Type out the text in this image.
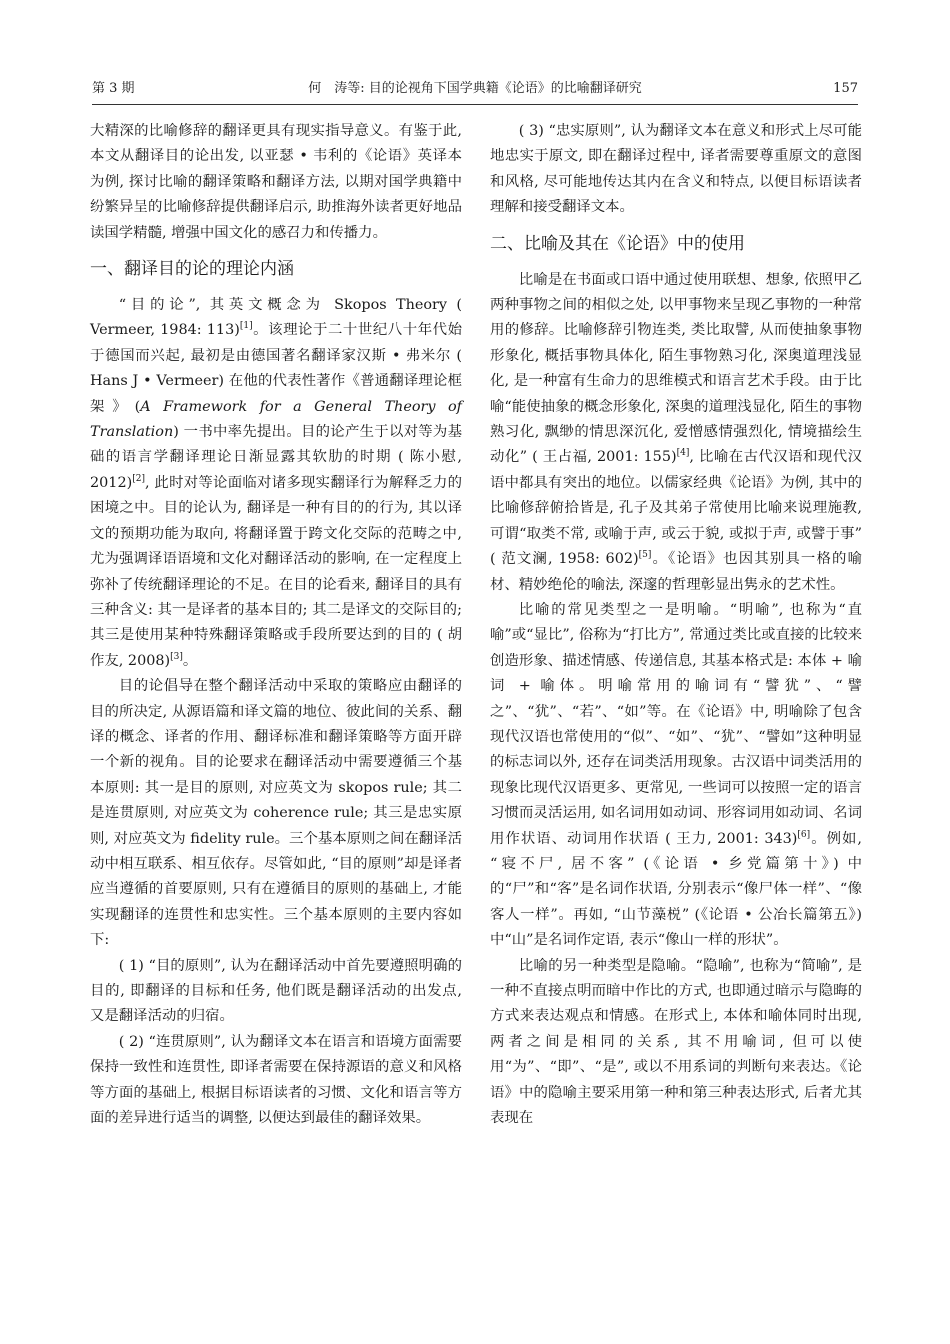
第 3 期	何　涛等: 目的论视角下国学典籍《论语》的比喻翻译研究	157

大精深的比喻修辞的翻译更具有现实指导意义。有鉴于此, 本文从翻译目的论出发, 以亚瑟 • 韦利的《论语》英译本为例, 探讨比喻的翻译策略和翻译方法, 以期对国学典籍中纷繁异呈的比喻修辞提供翻译启示, 助推海外读者更好地品读国学精髓, 增强中国文化的感召力和传播力。

一、翻译目的论的理论内涵

“目的论”, 其英文概念为 Skopos Theory ( Vermeer, 1984: 113)[1]。该理论于二十世纪八十年代始于德国而兴起, 最初是由德国著名翻译家汉斯 • 弗米尔 ( Hans J • Vermeer) 在他的代表性著作《普通翻译理论框架》(A Framework for a General Theory of Translation) 一书中率先提出。目的论产生于以对等为基础的语言学翻译理论日渐显露其软肋的时期 ( 陈小慰, 2012)[2], 此时对等论面临对诸多现实翻译行为解释乏力的困境之中。目的论认为, 翻译是一种有目的的行为, 其以译文的预期功能为取向, 将翻译置于跨文化交际的范畴之中, 尤为强调译语语境和文化对翻译活动的影响, 在一定程度上弥补了传统翻译理论的不足。在目的论看来, 翻译目的具有三种含义: 其一是译者的基本目的; 其二是译文的交际目的; 其三是使用某种特殊翻译策略或手段所要达到的目的 ( 胡作友, 2008)[3]。

目的论倡导在整个翻译活动中采取的策略应由翻译的目的所决定, 从源语篇和译文篇的地位、彼此间的关系、翻译的概念、译者的作用、翻译标准和翻译策略等方面开辟一个新的视角。目的论要求在翻译活动中需要遵循三个基本原则: 其一是目的原则, 对应英文为 skopos rule; 其二是连贯原则, 对应英文为 coherence rule; 其三是忠实原则, 对应英文为 fidelity rule。三个基本原则之间在翻译活动中相互联系、相互依存。尽管如此, “目的原则”却是译者应当遵循的首要原则, 只有在遵循目的原则的基础上, 才能实现翻译的连贯性和忠实性。三个基本原则的主要内容如下:

( 1) “目的原则”, 认为在翻译活动中首先要遵照明确的目的, 即翻译的目标和任务, 他们既是翻译活动的出发点, 又是翻译活动的归宿。

( 2) “连贯原则”, 认为翻译文本在语言和语境方面需要保持一致性和连贯性, 即译者需要在保持源语的意义和风格等方面的基础上, 根据目标语读者的习惯、文化和语言等方面的差异进行适当的调整, 以便达到最佳的翻译效果。

( 3) “忠实原则”, 认为翻译文本在意义和形式上尽可能地忠实于原文, 即在翻译过程中, 译者需要尊重原文的意图和风格, 尽可能地传达其内在含义和特点, 以便目标语读者理解和接受翻译文本。

二、比喻及其在《论语》中的使用

比喻是在书面或口语中通过使用联想、想象, 依照甲乙两种事物之间的相似之处, 以甲事物来呈现乙事物的一种常用的修辞。比喻修辞引物连类, 类比取譬, 从而使抽象事物形象化, 概括事物具体化, 陌生事物熟习化, 深奥道理浅显化, 是一种富有生命力的思维模式和语言艺术手段。由于比喻“能使抽象的概念形象化, 深奥的道理浅显化, 陌生的事物熟习化, 飘缈的情思深沉化, 爱憎感情强烈化, 情境描绘生动化” ( 王占福, 2001: 155)[4], 比喻在古代汉语和现代汉语中都具有突出的地位。以儒家经典《论语》为例, 其中的比喻修辞俯拾皆是, 孔子及其弟子常使用比喻来说理施教, 可谓“取类不常, 或喻于声, 或云于貌, 或拟于声, 或譬于事” ( 范文澜, 1958: 602)[5]。《论语》也因其别具一格的喻材、精妙绝伦的喻法, 深邃的哲理彰显出隽永的艺术性。

比喻的常见类型之一是明喻。“明喻”, 也称为“直喻”或“显比”, 俗称为“打比方”, 常通过类比或直接的比较来创造形象、描述情感、传递信息, 其基本格式是: 本体 + 喻词 + 喻体。明喻常用的喻词有“譬犹”、“譬之”、“犹”、“若”、“如”等。在《论语》中, 明喻除了包含现代汉语也常使用的“似”、“如”、“犹”、“譬如”这种明显的标志词以外, 还存在词类活用现象。古汉语中词类活用的现象比现代汉语更多、更常见, 一些词可以按照一定的语言习惯而灵活运用, 如名词用如动词、形容词用如动词、名词用作状语、动词用作状语 ( 王力, 2001: 343)[6]。例如, “寝不尸, 居不客” (《论语 • 乡党篇第十》) 中的“尸”和“客”是名词作状语, 分别表示“像尸体一样”、“像客人一样”。再如, “山节藻棁” (《论语 • 公冶长篇第五》) 中“山”是名词作定语, 表示“像山一样的形状”。

比喻的另一种类型是隐喻。“隐喻”, 也称为“简喻”, 是一种不直接点明而暗中作比的方式, 也即通过暗示与隐晦的方式来表达观点和情感。在形式上, 本体和喻体同时出现, 两者之间是相同的关系, 其不用喻词, 但可以使用“为”、“即”、“是”, 或以不用系词的判断句来表达。《论语》中的隐喻主要采用第一种和第三种表达形式, 后者尤其表现在
